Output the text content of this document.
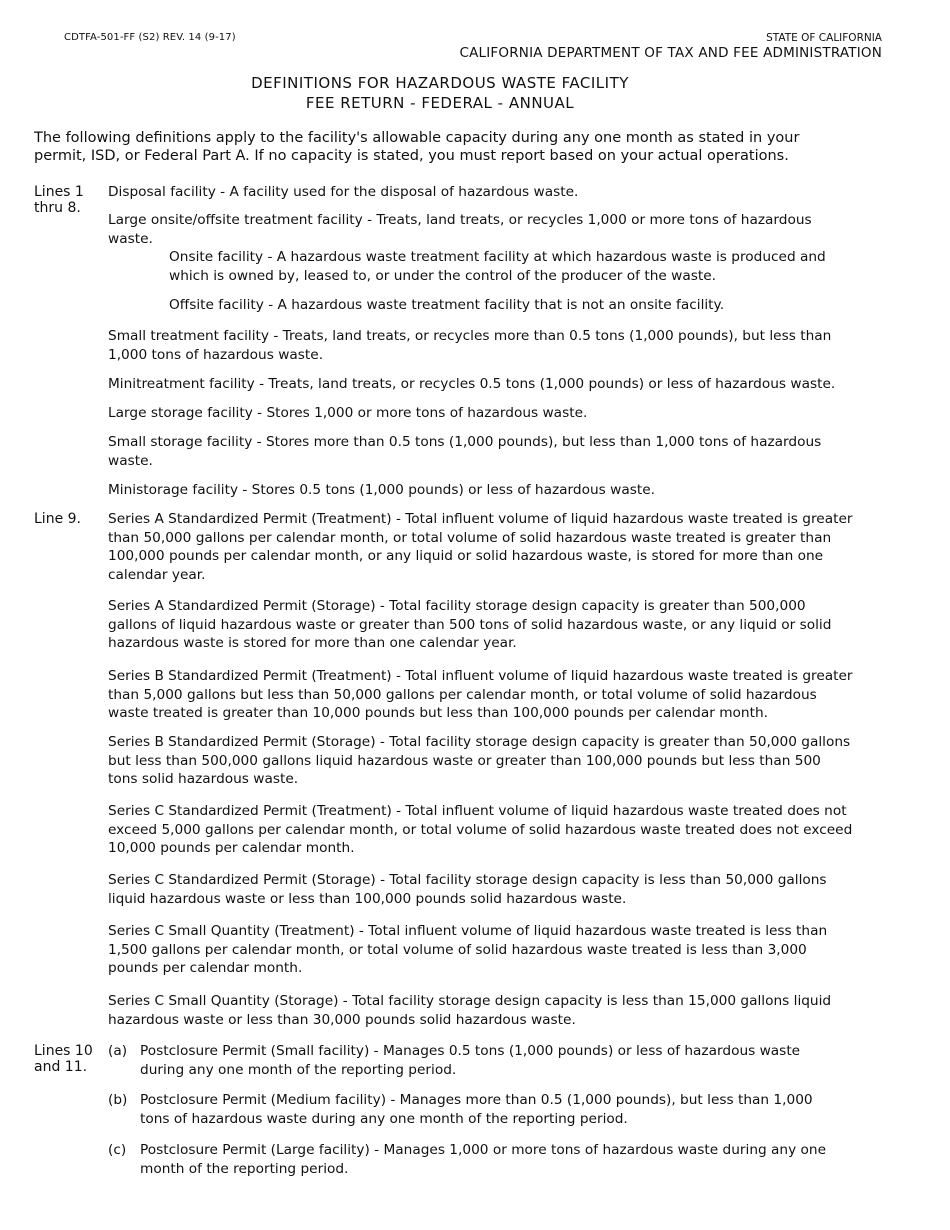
CDTFA-501-FF (S2) REV. 14 (9-17)	STATE OF CALIFORNIA
CALIFORNIA DEPARTMENT OF TAX AND FEE ADMINISTRATION
DEFINITIONS FOR HAZARDOUS WASTE FACILITY
FEE RETURN - FEDERAL - ANNUAL
The following definitions apply to the facility's allowable capacity during any one month as stated in your permit, ISD, or Federal Part A. If no capacity is stated, you must report based on your actual operations.
Lines 1
thru 8.

Disposal facility - A facility used for the disposal of hazardous waste.

Large onsite/offsite treatment facility - Treats, land treats, or recycles 1,000 or more tons of hazardous waste.

Onsite facility - A hazardous waste treatment facility at which hazardous waste is produced and which is owned by, leased to, or under the control of the producer of the waste.

Offsite facility - A hazardous waste treatment facility that is not an onsite facility.

Small treatment facility - Treats, land treats, or recycles more than 0.5 tons (1,000 pounds), but less than 1,000 tons of hazardous waste.

Minitreatment facility - Treats, land treats, or recycles 0.5 tons (1,000 pounds) or less of hazardous waste.

Large storage facility - Stores 1,000 or more tons of hazardous waste.

Small storage facility - Stores more than 0.5 tons (1,000 pounds), but less than 1,000 tons of hazardous waste.

Ministorage facility - Stores 0.5 tons (1,000 pounds) or less of hazardous waste.

Line 9. Series A Standardized Permit (Treatment) - Total influent volume of liquid hazardous waste treated is greater than 50,000 gallons per calendar month, or total volume of solid hazardous waste treated is greater than 100,000 pounds per calendar month, or any liquid or solid hazardous waste, is stored for more than one calendar year.

Series A Standardized Permit (Storage) - Total facility storage design capacity is greater than 500,000 gallons of liquid hazardous waste or greater than 500 tons of solid hazardous waste, or any liquid or solid hazardous waste is stored for more than one calendar year.

Series B Standardized Permit (Treatment) - Total influent volume of liquid hazardous waste treated is greater than 5,000 gallons but less than 50,000 gallons per calendar month, or total volume of solid hazardous waste treated is greater than 10,000 pounds but less than 100,000 pounds per calendar month.

Series B Standardized Permit (Storage) - Total facility storage design capacity is greater than 50,000 gallons but less than 500,000 gallons liquid hazardous waste or greater than 100,000 pounds but less than 500 tons solid hazardous waste.

Series C Standardized Permit (Treatment) - Total influent volume of liquid hazardous waste treated does not exceed 5,000 gallons per calendar month, or total volume of solid hazardous waste treated does not exceed 10,000 pounds per calendar month.

Series C Standardized Permit (Storage) - Total facility storage design capacity is less than 50,000 gallons liquid hazardous waste or less than 100,000 pounds solid hazardous waste.

Series C Small Quantity (Treatment) - Total influent volume of liquid hazardous waste treated is less than 1,500 gallons per calendar month, or total volume of solid hazardous waste treated is less than 3,000 pounds per calendar month.

Series C Small Quantity (Storage) - Total facility storage design capacity is less than 15,000 gallons liquid hazardous waste or less than 30,000 pounds solid hazardous waste.

Lines 10
and 11.
(a) Postclosure Permit (Small facility) - Manages 0.5 tons (1,000 pounds) or less of hazardous waste during any one month of the reporting period.
(b) Postclosure Permit (Medium facility) - Manages more than 0.5 (1,000 pounds), but less than 1,000 tons of hazardous waste during any one month of the reporting period.
(c) Postclosure Permit (Large facility) - Manages 1,000 or more tons of hazardous waste during any one month of the reporting period.
